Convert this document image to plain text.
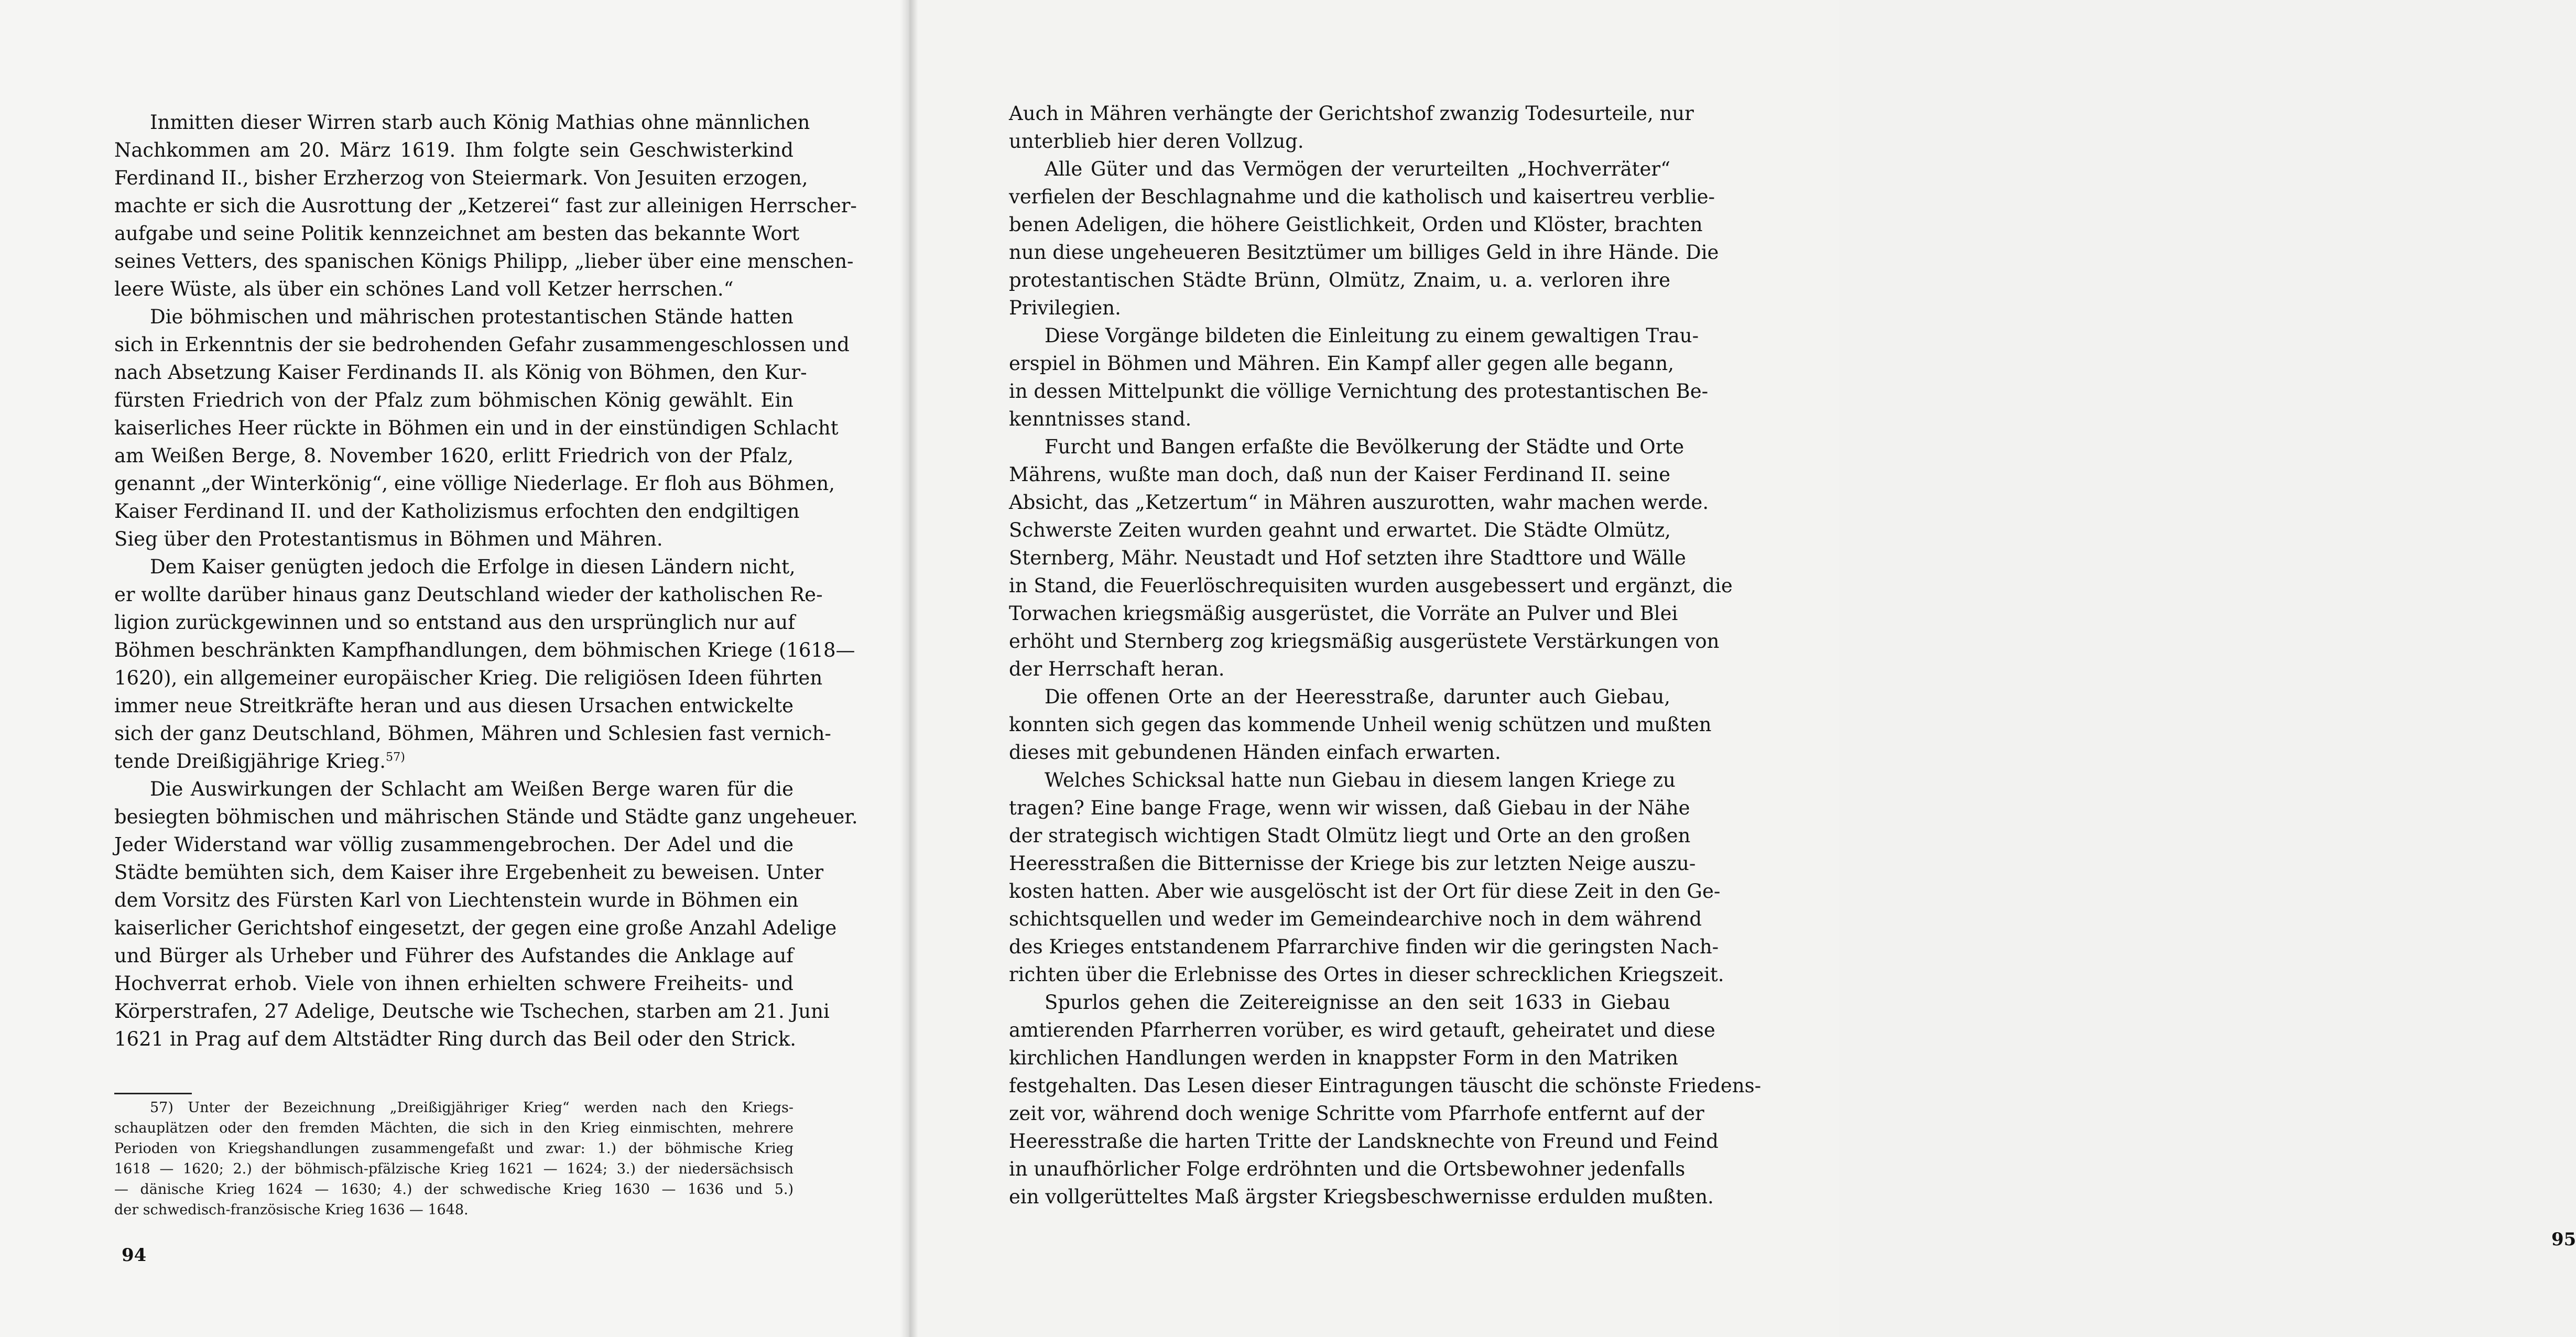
Inmitten dieser Wirren starb auch König Mathias ohne männlichen
Nachkommen am 20. März 1619. Ihm folgte sein Geschwisterkind
Ferdinand II., bisher Erzherzog von Steiermark. Von Jesuiten erzogen,
machte er sich die Ausrottung der „Ketzerei“ fast zur alleinigen Herrscher-
aufgabe und seine Politik kennzeichnet am besten das bekannte Wort
seines Vetters, des spanischen Königs Philipp, „lieber über eine menschen-
leere Wüste, als über ein schönes Land voll Ketzer herrschen.“
Die böhmischen und mährischen protestantischen Stände hatten
sich in Erkenntnis der sie bedrohenden Gefahr zusammengeschlossen und
nach Absetzung Kaiser Ferdinands II. als König von Böhmen, den Kur-
fürsten Friedrich von der Pfalz zum böhmischen König gewählt. Ein
kaiserliches Heer rückte in Böhmen ein und in der einstündigen Schlacht
am Weißen Berge, 8. November 1620, erlitt Friedrich von der Pfalz,
genannt „der Winterkönig“, eine völlige Niederlage. Er floh aus Böhmen,
Kaiser Ferdinand II. und der Katholizismus erfochten den endgiltigen
Sieg über den Protestantismus in Böhmen und Mähren.
Dem Kaiser genügten jedoch die Erfolge in diesen Ländern nicht,
er wollte darüber hinaus ganz Deutschland wieder der katholischen Re-
ligion zurückgewinnen und so entstand aus den ursprünglich nur auf
Böhmen beschränkten Kampfhandlungen, dem böhmischen Kriege (1618—
1620), ein allgemeiner europäischer Krieg. Die religiösen Ideen führten
immer neue Streitkräfte heran und aus diesen Ursachen entwickelte
sich der ganz Deutschland, Böhmen, Mähren und Schlesien fast vernich-
tende Dreißigjährige Krieg.$^{57)}$
Die Auswirkungen der Schlacht am Weißen Berge waren für die
besiegten böhmischen und mährischen Stände und Städte ganz ungeheuer.
Jeder Widerstand war völlig zusammengebrochen. Der Adel und die
Städte bemühten sich, dem Kaiser ihre Ergebenheit zu beweisen. Unter
dem Vorsitz des Fürsten Karl von Liechtenstein wurde in Böhmen ein
kaiserlicher Gerichtshof eingesetzt, der gegen eine große Anzahl Adelige
und Bürger als Urheber und Führer des Aufstandes die Anklage auf
Hochverrat erhob. Viele von ihnen erhielten schwere Freiheits- und
Körperstrafen, 27 Adelige, Deutsche wie Tschechen, starben am 21. Juni
1621 in Prag auf dem Altstädter Ring durch das Beil oder den Strick.
57) Unter der Bezeichnung „Dreißigjähriger Krieg“ werden nach den Kriegs-
schauplätzen oder den fremden Mächten, die sich in den Krieg einmischten, mehrere
Perioden von Kriegshandlungen zusammengefaßt und zwar: 1.) der böhmische Krieg
1618 — 1620; 2.) der böhmisch-pfälzische Krieg 1621 — 1624; 3.) der niedersächsisch
— dänische Krieg 1624 — 1630; 4.) der schwedische Krieg 1630 — 1636 und 5.)
der schwedisch-französische Krieg 1636 — 1648.
94
95
Auch in Mähren verhängte der Gerichtshof zwanzig Todesurteile, nur
unterblieb hier deren Vollzug.
Alle Güter und das Vermögen der verurteilten „Hochverräter“
verfielen der Beschlagnahme und die katholisch und kaisertreu verblie-
benen Adeligen, die höhere Geistlichkeit, Orden und Klöster, brachten
nun diese ungeheueren Besitztümer um billiges Geld in ihre Hände. Die
protestantischen Städte Brünn, Olmütz, Znaim, u. a. verloren ihre
Privilegien.
Diese Vorgänge bildeten die Einleitung zu einem gewaltigen Trau-
erspiel in Böhmen und Mähren. Ein Kampf aller gegen alle begann,
in dessen Mittelpunkt die völlige Vernichtung des protestantischen Be-
kenntnisses stand.
Furcht und Bangen erfaßte die Bevölkerung der Städte und Orte
Mährens, wußte man doch, daß nun der Kaiser Ferdinand II. seine
Absicht, das „Ketzertum“ in Mähren auszurotten, wahr machen werde.
Schwerste Zeiten wurden geahnt und erwartet. Die Städte Olmütz,
Sternberg, Mähr. Neustadt und Hof setzten ihre Stadttore und Wälle
in Stand, die Feuerlöschrequisiten wurden ausgebessert und ergänzt, die
Torwachen kriegsmäßig ausgerüstet, die Vorräte an Pulver und Blei
erhöht und Sternberg zog kriegsmäßig ausgerüstete Verstärkungen von
der Herrschaft heran.
Die offenen Orte an der Heeresstraße, darunter auch Giebau,
konnten sich gegen das kommende Unheil wenig schützen und mußten
dieses mit gebundenen Händen einfach erwarten.
Welches Schicksal hatte nun Giebau in diesem langen Kriege zu
tragen? Eine bange Frage, wenn wir wissen, daß Giebau in der Nähe
der strategisch wichtigen Stadt Olmütz liegt und Orte an den großen
Heeresstraßen die Bitternisse der Kriege bis zur letzten Neige auszu-
kosten hatten. Aber wie ausgelöscht ist der Ort für diese Zeit in den Ge-
schichtsquellen und weder im Gemeindearchive noch in dem während
des Krieges entstandenem Pfarrarchive finden wir die geringsten Nach-
richten über die Erlebnisse des Ortes in dieser schrecklichen Kriegszeit.
Spurlos gehen die Zeitereignisse an den seit 1633 in Giebau
amtierenden Pfarrherren vorüber, es wird getauft, geheiratet und diese
kirchlichen Handlungen werden in knappster Form in den Matriken
festgehalten. Das Lesen dieser Eintragungen täuscht die schönste Friedens-
zeit vor, während doch wenige Schritte vom Pfarrhofe entfernt auf der
Heeresstraße die harten Tritte der Landsknechte von Freund und Feind
in unaufhörlicher Folge erdröhnten und die Ortsbewohner jedenfalls
ein vollgerütteltes Maß ärgster Kriegsbeschwernisse erdulden mußten.
